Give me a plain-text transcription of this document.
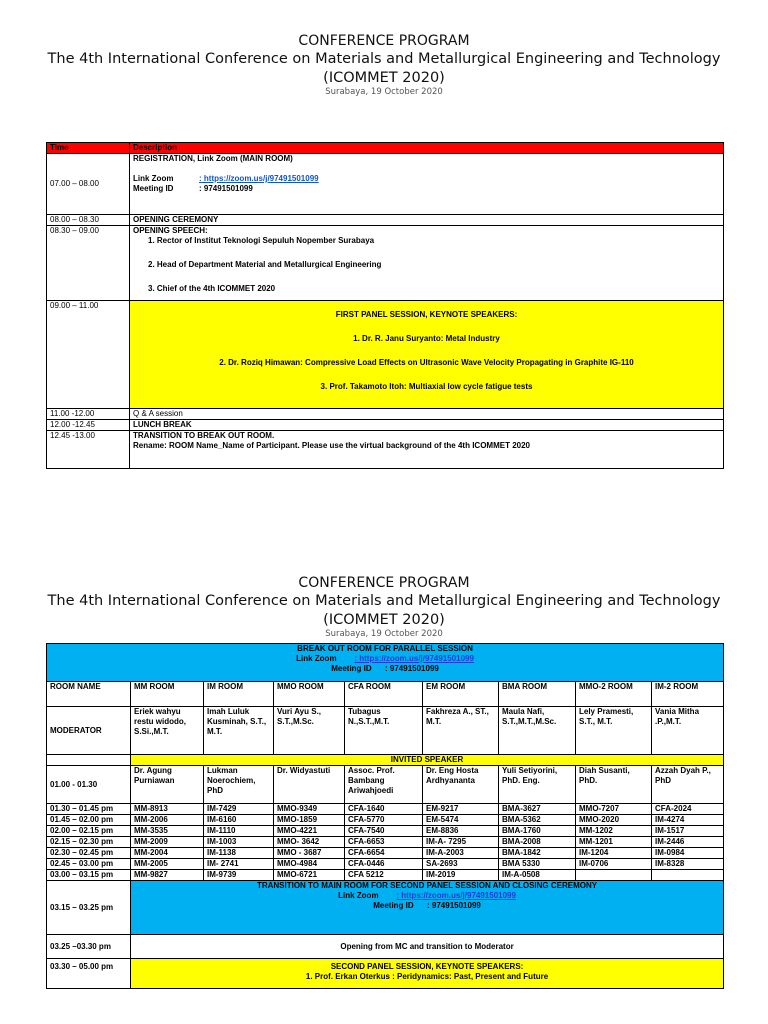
CONFERENCE PROGRAM
The 4th International Conference on Materials and Metallurgical Engineering and Technology
(ICOMMET 2020)
Surabaya, 19 October 2020
Time	Description
07.00 – 08.00	REGISTRATION, Link Zoom (MAIN ROOM)
Link Zoom : https://zoom.us/j/97491501099
Meeting ID : 97491501099

08.00 – 08.30	OPENING CEREMONY
08.30 – 09.00	OPENING SPEECH:
1. Rector of Institut Teknologi Sepuluh Nopember Surabaya
2. Head of Department Material and Metallurgical Engineering
3. Chief of the 4th ICOMMET 2020

09.00 – 11.00	FIRST PANEL SESSION, KEYNOTE SPEAKERS:
1. Dr. R. Janu Suryanto: Metal Industry
2. Dr. Roziq Himawan: Compressive Load Effects on Ultrasonic Wave Velocity Propagating in Graphite IG-110
3. Prof. Takamoto Itoh: Multiaxial low cycle fatigue tests

11.00 -12.00	Q & A session
12.00 -12.45	LUNCH BREAK
12.45 -13.00	TRANSITION TO BREAK OUT ROOM.
Rename: ROOM Name_Name of Participant. Please use the virtual background of the 4th ICOMMET 2020
CONFERENCE PROGRAM
The 4th International Conference on Materials and Metallurgical Engineering and Technology
(ICOMMET 2020)
Surabaya, 19 October 2020
BREAK OUT ROOM FOR PARALLEL SESSION
Link Zoom : https://zoom.us/j/97491501099
Meeting ID : 97491501099								

ROOM NAME	MM ROOM	IM ROOM	MMO ROOM	CFA ROOM	EM ROOM	BMA ROOM	MMO-2 ROOM	IM-2 ROOM
MODERATOR	Eriek wahyu restu widodo, S.Si.,M.T.	Imah Luluk Kusminah, S.T., M.T.	Vuri Ayu S., S.T.,M.Sc.	Tubagus N.,S.T.,M.T.	Fakhreza A., ST., M.T.	Maula Nafi, S.T.,M.T.,M.Sc.	Lely Pramesti, S.T., M.T.	Vania Mitha .P.,M.T.
	INVITED SPEAKER							
01.00 - 01.30	Dr. Agung Purniawan	Lukman Noerochiem, PhD	Dr. Widyastuti	Assoc. Prof. Bambang Ariwahjoedi	Dr. Eng Hosta Ardhyananta	Yuli Setiyorini, PhD. Eng.	Diah Susanti, PhD.	Azzah Dyah P., PhD
01.30 – 01.45 pm	MM-8913	IM-7429	MMO-9349	CFA-1640	EM-9217	BMA-3627	MMO-7207	CFA-2024
01.45 – 02.00 pm	MM-2006	IM-6160	MMO-1859	CFA-5770	EM-5474	BMA-5362	MMO-2020	IM-4274
02.00 – 02.15 pm	MM-3535	IM-1110	MMO-4221	CFA-7540	EM-8836	BMA-1760	MM-1202	IM-1517
02.15 – 02.30 pm	MM-2009	IM-1003	MMO- 3642	CFA-6653	IM-A- 7295	BMA-2008	MM-1201	IM-2446
02.30 – 02.45 pm	MM-2004	IM-1138	MMO - 3687	CFA-6654	IM-A-2003	BMA-1842	IM-1204	IM-0984
02.45 – 03.00 pm	MM-2005	IM- 2741	MMO-4984	CFA-0446	SA-2693	BMA 5330	IM-0706	IM-8328
03.00 – 03.15 pm	MM-9827	IM-9739	MMO-6721	CFA 5212	IM-2019	IM-A-0508		
03.15 – 03.25 pm	TRANSITION TO MAIN ROOM FOR SECOND PANEL SESSION AND CLOSING CEREMONY
Link Zoom : https://zoom.us/j/97491501099
Meeting ID : 97491501099							

03.25 –03.30 pm	Opening from MC and transition to Moderator							
03.30 – 05.00 pm	SECOND PANEL SESSION, KEYNOTE SPEAKERS:
1. Prof. Erkan Oterkus : Peridynamics: Past, Present and Future							
